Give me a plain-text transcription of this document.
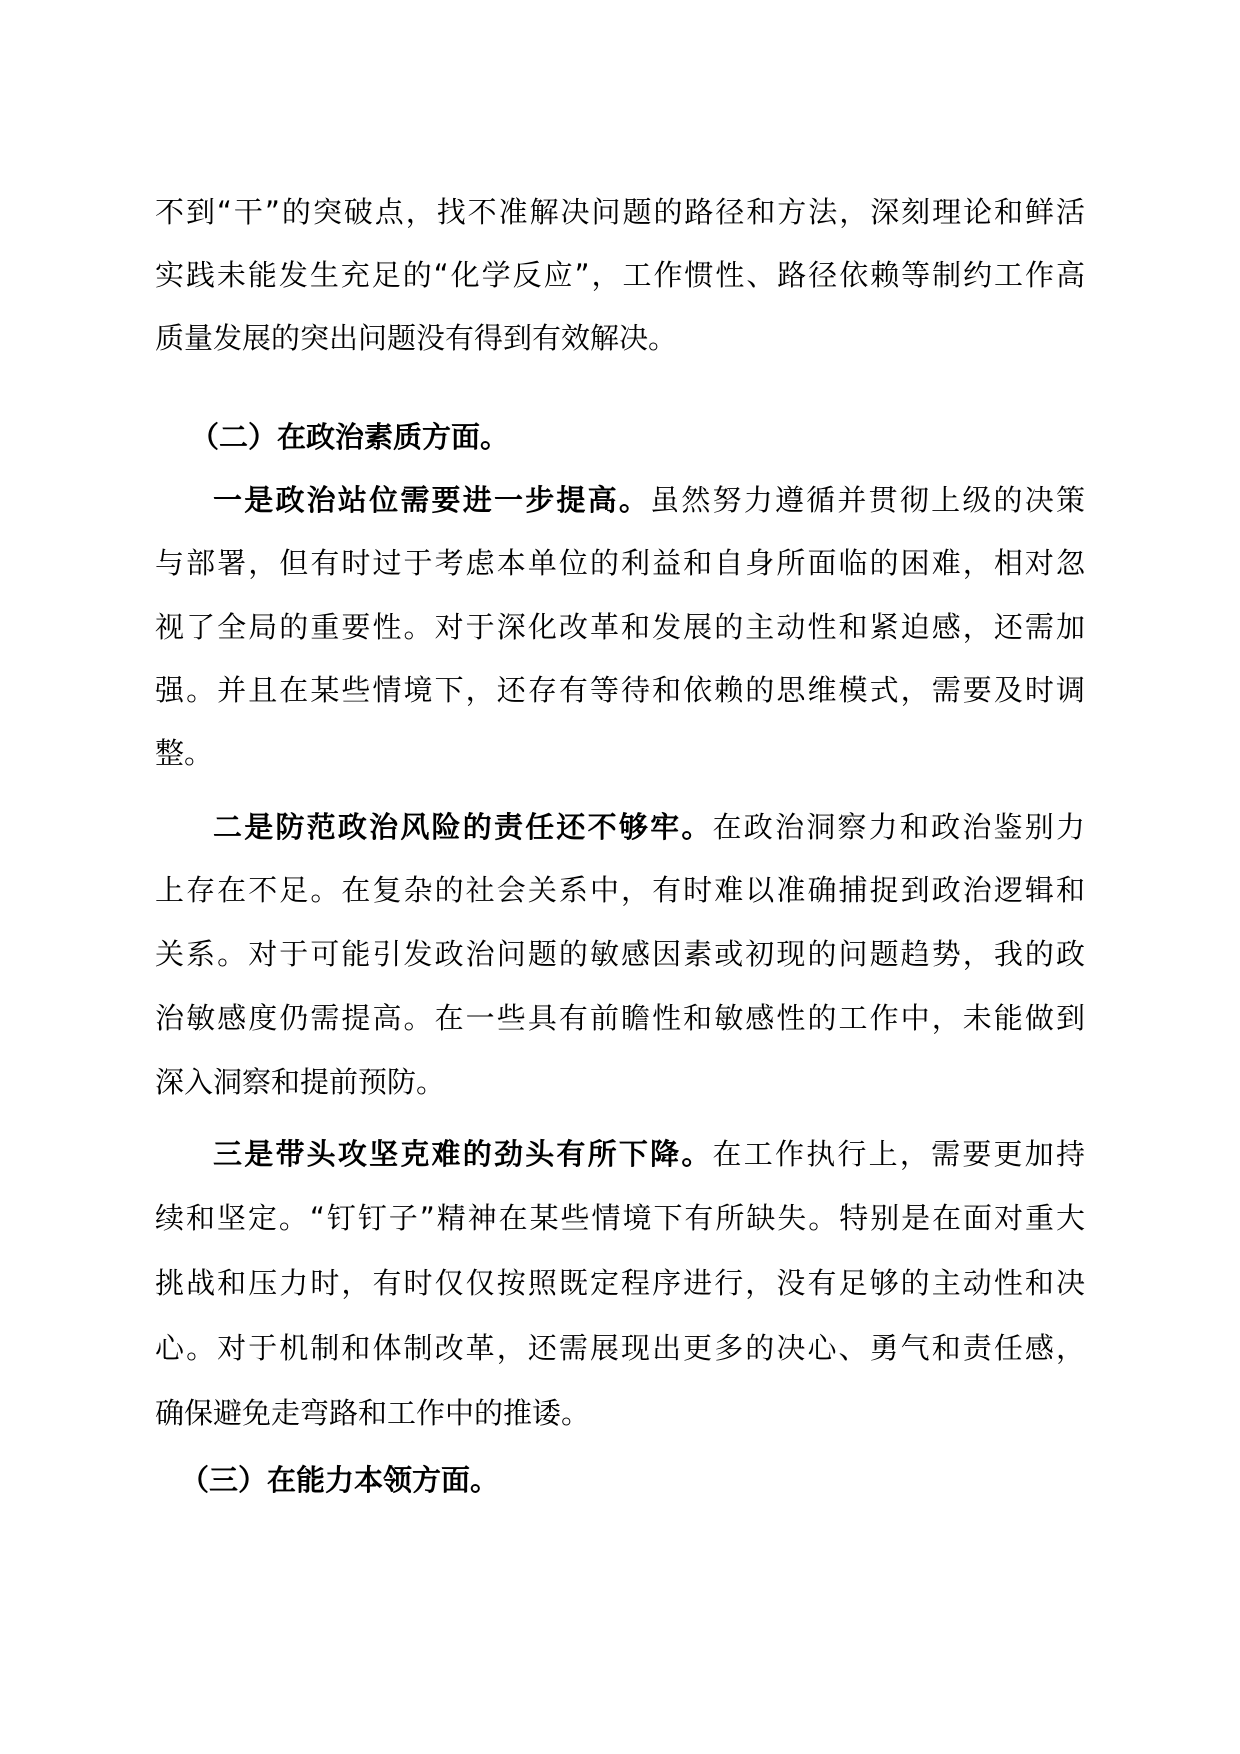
不到“干”的突破点，找不准解决问题的路径和方法，深刻理论和鲜活
实践未能发生充足的“化学反应”，工作惯性、路径依赖等制约工作高
质量发展的突出问题没有得到有效解决。
（二）在政治素质方面。
一是政治站位需要进一步提高。虽然努力遵循并贯彻上级的决策
与部署，但有时过于考虑本单位的利益和自身所面临的困难，相对忽
视了全局的重要性。对于深化改革和发展的主动性和紧迫感，还需加
强。并且在某些情境下，还存有等待和依赖的思维模式，需要及时调
整。
二是防范政治风险的责任还不够牢。在政治洞察力和政治鉴别力
上存在不足。在复杂的社会关系中，有时难以准确捕捉到政治逻辑和
关系。对于可能引发政治问题的敏感因素或初现的问题趋势，我的政
治敏感度仍需提高。在一些具有前瞻性和敏感性的工作中，未能做到
深入洞察和提前预防。
三是带头攻坚克难的劲头有所下降。在工作执行上，需要更加持
续和坚定。“钉钉子”精神在某些情境下有所缺失。特别是在面对重大
挑战和压力时，有时仅仅按照既定程序进行，没有足够的主动性和决
心。对于机制和体制改革，还需展现出更多的决心、勇气和责任感，
确保避免走弯路和工作中的推诿。
（三）在能力本领方面。
